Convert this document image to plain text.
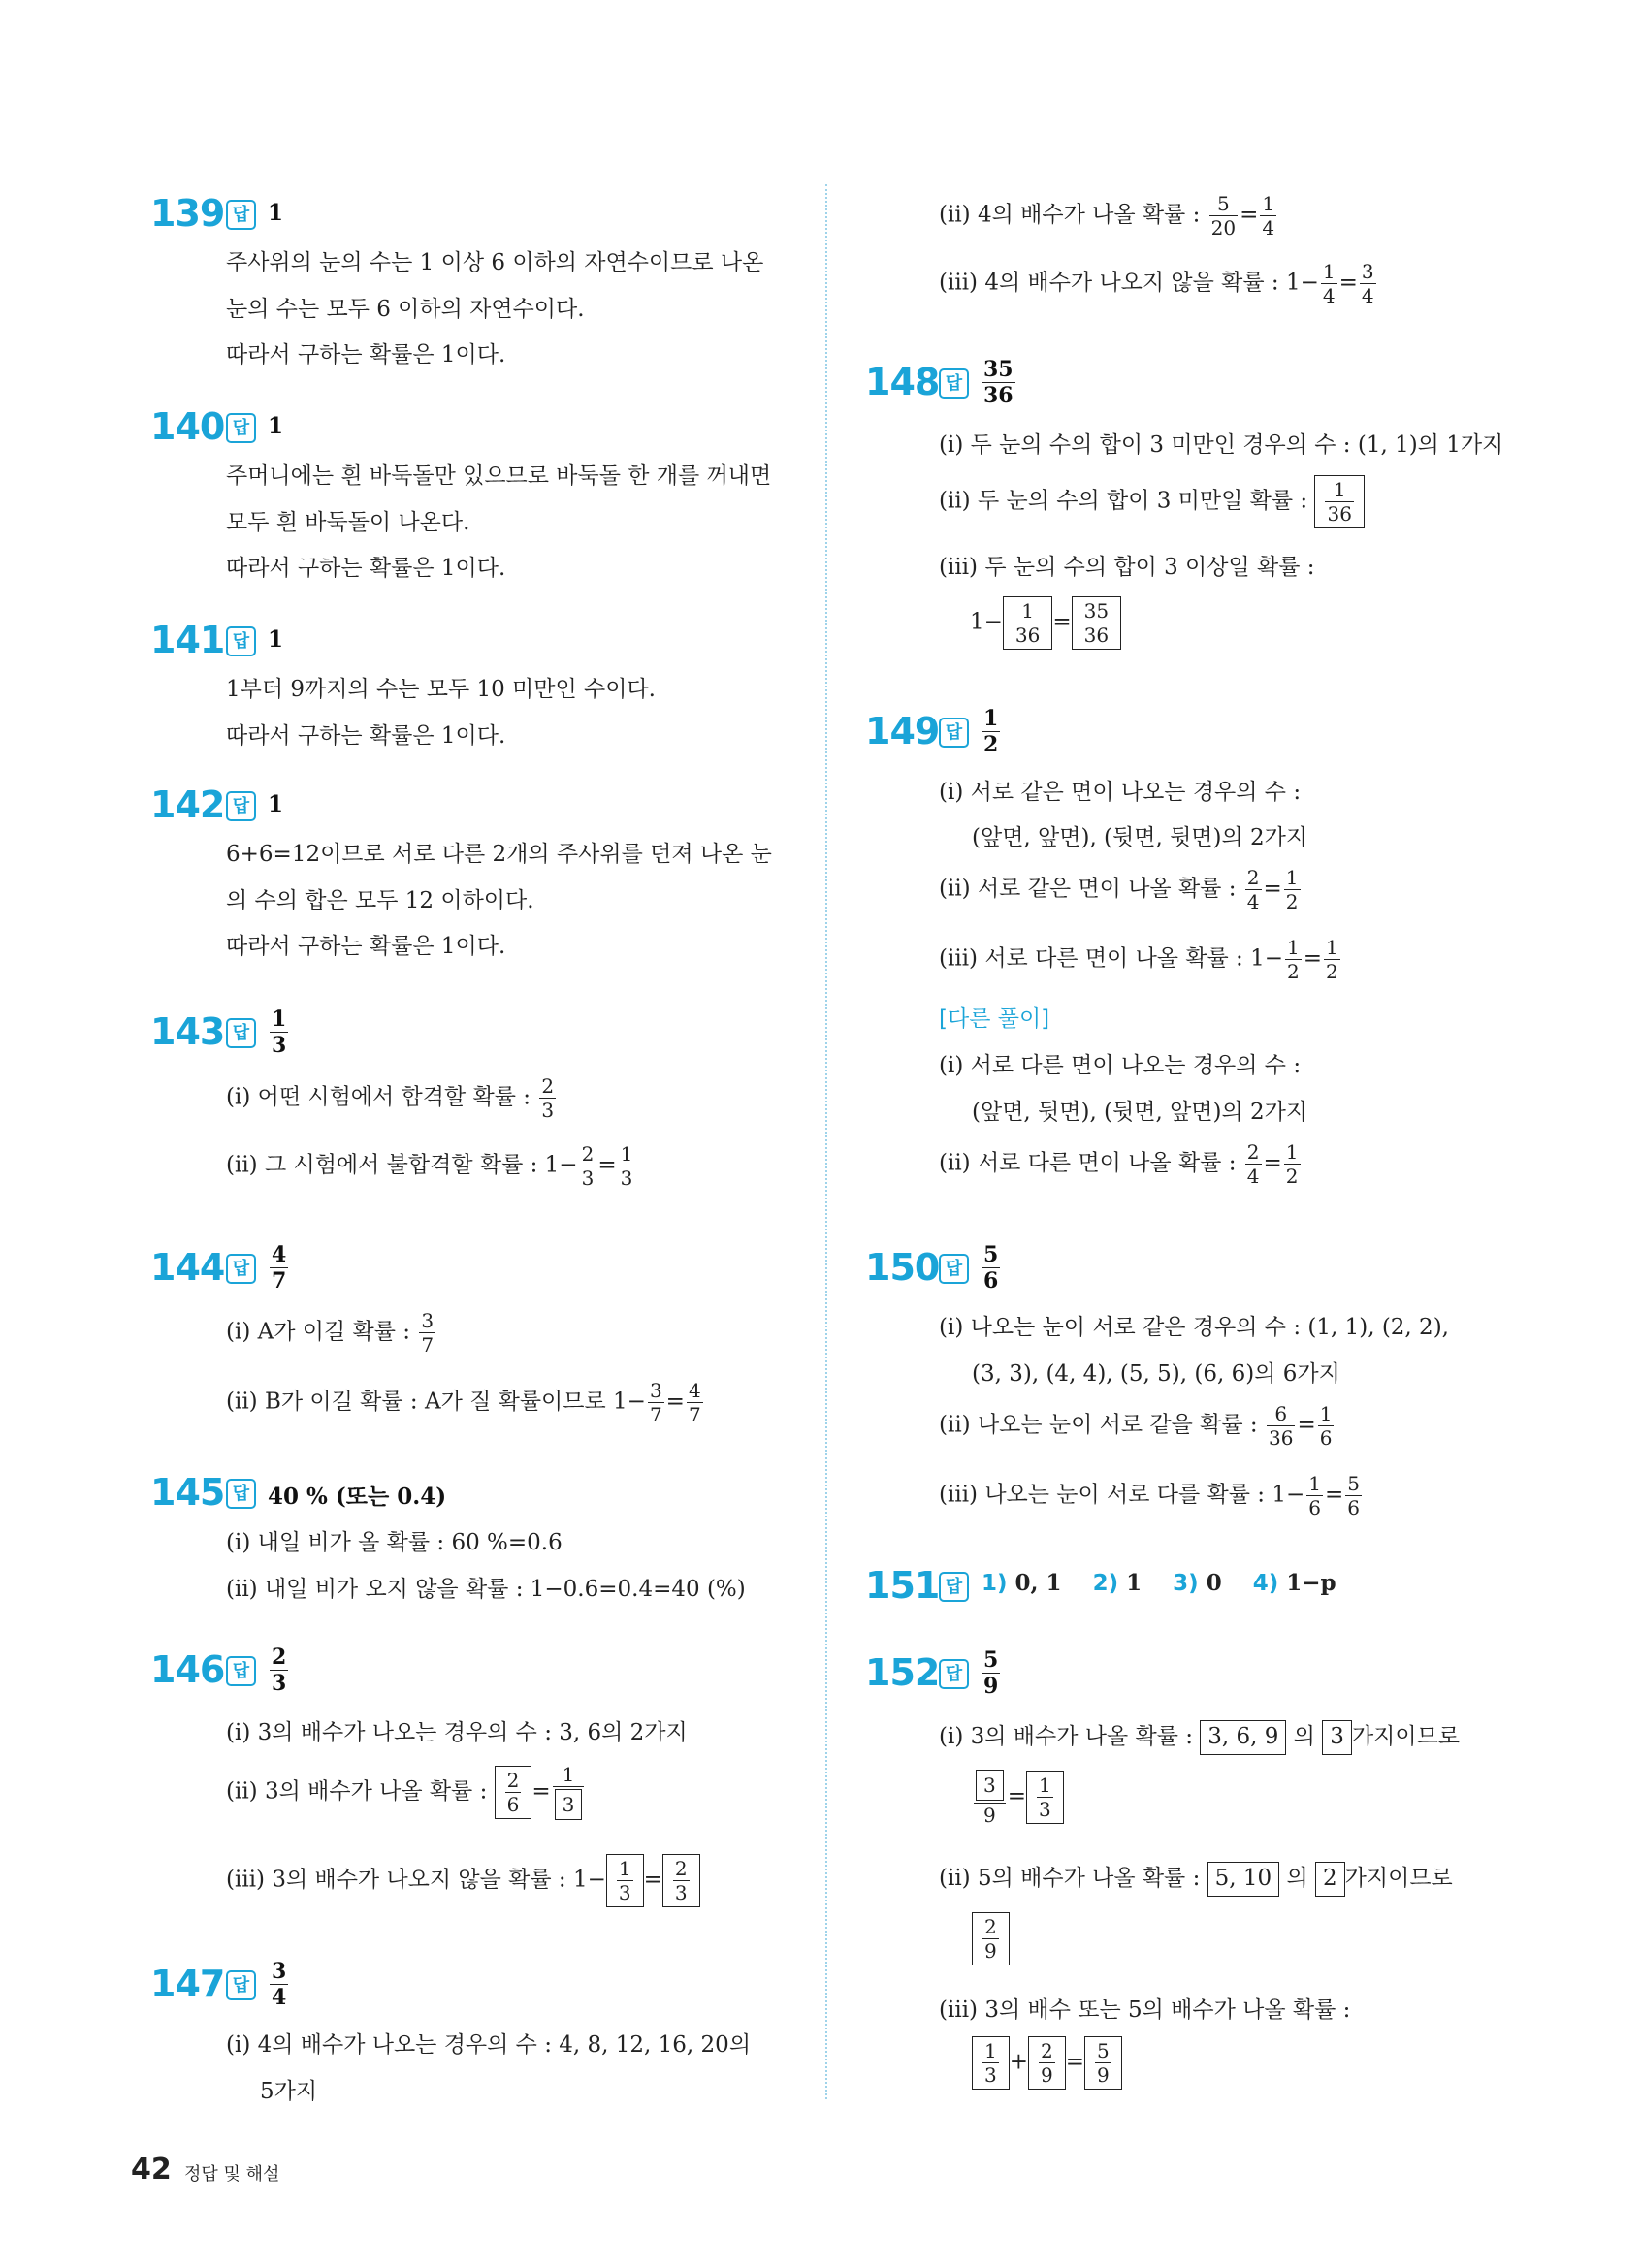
139 답 1
주사위의 눈의 수는 1 이상 6 이하의 자연수이므로 나온
눈의 수는 모두 6 이하의 자연수이다.
따라서 구하는 확률은 1이다.
140 답 1
주머니에는 흰 바둑돌만 있으므로 바둑돌 한 개를 꺼내면
모두 흰 바둑돌이 나온다.
따라서 구하는 확률은 1이다.
141 답 1
1부터 9까지의 수는 모두 10 미만인 수이다.
따라서 구하는 확률은 1이다.
142 답 1
6+6=12이므로 서로 다른 2개의 주사위를 던져 나온 눈
의 수의 합은 모두 12 이하이다.
따라서 구하는 확률은 1이다.
143 답 $\frac{1}{3}$
(ⅰ) 어떤 시험에서 합격할 확률 : $\frac{2}{3}$
(ⅱ) 그 시험에서 불합격할 확률 : $1- \frac{2}{3} = \frac{1}{3}$
144 답 $\frac{4}{7}$
(ⅰ) A가 이길 확률 : $\frac{3}{7}$
(ⅱ) B가 이길 확률 : A가 질 확률이므로 $1- \frac{3}{7} = \frac{4}{7}$
145 답 40 % (또는 0.4)
(ⅰ) 내일 비가 올 확률 : 60 %=0.6
(ⅱ) 내일 비가 오지 않을 확률 : 1−0.6=0.4=40 (%)
146 답 $\frac{2}{3}$
(ⅰ) 3의 배수가 나오는 경우의 수 : 3, 6의 2가지
(ⅱ) 3의 배수가 나올 확률 : $\frac{2}{6} = \frac{1}{3}$
(ⅲ) 3의 배수가 나오지 않을 확률 : $1- \frac{1}{3} = \frac{2}{3}$
147 답 $\frac{3}{4}$
(ⅰ) 4의 배수가 나오는 경우의 수 : 4, 8, 12, 16, 20의
5가지
(ⅱ) 4의 배수가 나올 확률 : $\frac{5}{20} = \frac{1}{4}$
(ⅲ) 4의 배수가 나오지 않을 확률 : $1- \frac{1}{4} = \frac{3}{4}$
148 답 $\frac{35}{36}$
(ⅰ) 두 눈의 수의 합이 3 미만인 경우의 수 : (1, 1)의 1가지
(ⅱ) 두 눈의 수의 합이 3 미만일 확률 : $\frac{1}{36}$
(ⅲ) 두 눈의 수의 합이 3 이상일 확률 :
$1- \frac{1}{36} = \frac{35}{36}$
149 답 $\frac{1}{2}$
(ⅰ) 서로 같은 면이 나오는 경우의 수 :
(앞면, 앞면), (뒷면, 뒷면)의 2가지
(ⅱ) 서로 같은 면이 나올 확률 : $\frac{2}{4} = \frac{1}{2}$
(ⅲ) 서로 다른 면이 나올 확률 : $1- \frac{1}{2} = \frac{1}{2}$
[다른 풀이]
(ⅰ) 서로 다른 면이 나오는 경우의 수 :
(앞면, 뒷면), (뒷면, 앞면)의 2가지
(ⅱ) 서로 다른 면이 나올 확률 : $\frac{2}{4} = \frac{1}{2}$
150 답 $\frac{5}{6}$
(ⅰ) 나오는 눈이 서로 같은 경우의 수 : (1, 1), (2, 2),
(3, 3), (4, 4), (5, 5), (6, 6)의 6가지
(ⅱ) 나오는 눈이 서로 같을 확률 : $\frac{6}{36} = \frac{1}{6}$
(ⅲ) 나오는 눈이 서로 다를 확률 : $1- \frac{1}{6} = \frac{5}{6}$
151 답 1) 0, 1 2) 1 3) 0 4) 1−p
152 답 $\frac{5}{9}$
(ⅰ) 3의 배수가 나올 확률 : 3, 6, 9 의 3 가지이므로
$\frac{3}{9} = \frac{1}{3}$
(ⅱ) 5의 배수가 나올 확률 : 5, 10 의 2 가지이므로
$\frac{2}{9}$
(ⅲ) 3의 배수 또는 5의 배수가 나올 확률 :
$\frac{1}{3} + \frac{2}{9} = \frac{5}{9}$
42 정답 및 해설
